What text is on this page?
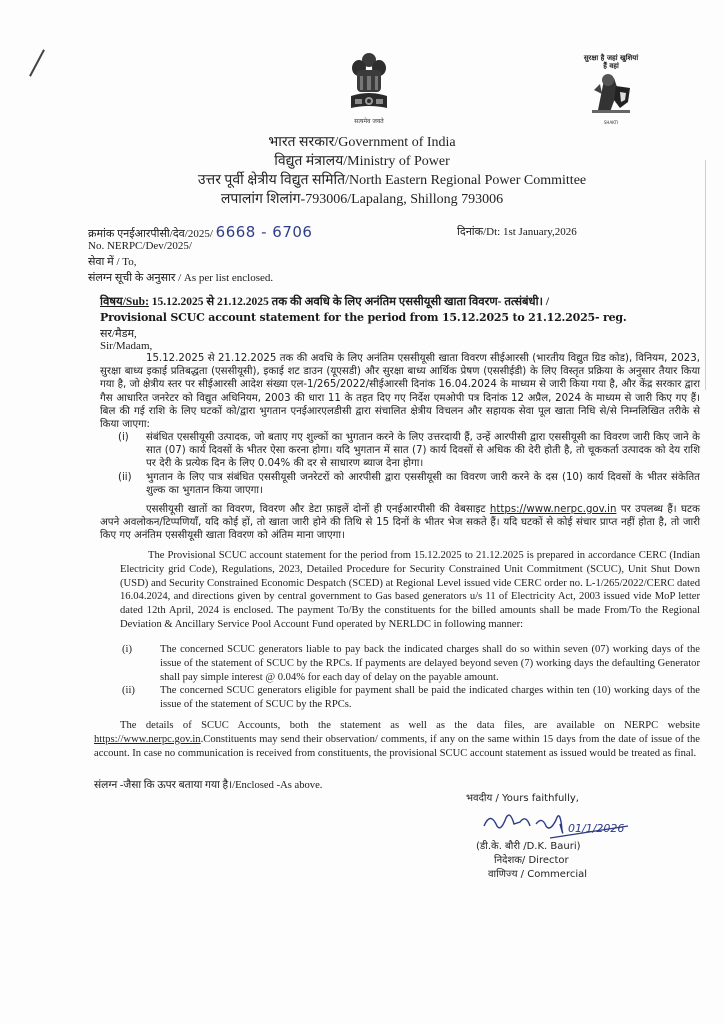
सत्यमेव जयते
सुरक्षा है जहां खुशियां हैं वहां
SHAKTI
भारत सरकार/Government of India
विद्युत मंत्रालय/Ministry of Power
उत्तर पूर्वी क्षेत्रीय विद्युत समिति/North Eastern Regional Power Committee
लपालांग शिलांग-793006/Lapalang, Shillong 793006
क्रमांक एनईआरपीसी/देव/2025/ 6668 - 6706
No. NERPC/Dev/2025/
दिनांक/Dt: 1st January,2026
सेवा में / To,
संलग्न सूची के अनुसार / As per list enclosed.
विषय/Sub: 15.12.2025 से 21.12.2025 तक की अवधि के लिए अनंतिम एससीयूसी खाता विवरण- तत्संबंधी। /
Provisional SCUC account statement for the period from 15.12.2025 to 21.12.2025- reg.
सर/मैडम,
Sir/Madam,

15.12.2025 से 21.12.2025 तक की अवधि के लिए अनंतिम एससीयूसी खाता विवरण सीईआरसी (भारतीय विद्युत ग्रिड कोड), विनियम, 2023, सुरक्षा बाध्य इकाई प्रतिबद्धता (एससीयूसी), इकाई शट डाउन (यूएसडी) और सुरक्षा बाध्य आर्थिक प्रेषण (एससीईडी) के लिए विस्तृत प्रक्रिया के अनुसार तैयार किया गया है, जो क्षेत्रीय स्तर पर सीईआरसी आदेश संख्या एल-1/265/2022/सीईआरसी दिनांक 16.04.2024 के माध्यम से जारी किया गया है, और केंद्र सरकार द्वारा गैस आधारित जनरेटर को विद्युत अधिनियम, 2003 की धारा 11 के तहत दिए गए निर्देश एमओपी पत्र दिनांक 12 अप्रैल, 2024 के माध्यम से जारी किए गए हैं। बिल की गई राशि के लिए घटकों को/द्वारा भुगतान एनईआरएलडीसी द्वारा संचालित क्षेत्रीय विचलन और सहायक सेवा पूल खाता निधि से/से निम्नलिखित तरीके से किया जाएगा:

(i) संबंधित एससीयूसी उत्पादक, जो बताए गए शुल्कों का भुगतान करने के लिए उत्तरदायी हैं, उन्हें आरपीसी द्वारा एससीयूसी का विवरण जारी किए जाने के सात (07) कार्य दिवसों के भीतर ऐसा करना होगा। यदि भुगतान में सात (7) कार्य दिवसों से अधिक की देरी होती है, तो चूककर्ता उत्पादक को देय राशि पर देरी के प्रत्येक दिन के लिए 0.04% की दर से साधारण ब्याज देना होगा।

(ii) भुगतान के लिए पात्र संबंधित एससीयूसी जनरेटरों को आरपीसी द्वारा एससीयूसी का विवरण जारी करने के दस (10) कार्य दिवसों के भीतर संकेतित शुल्क का भुगतान किया जाएगा।

एससीयूसी खातों का विवरण, विवरण और डेटा फ़ाइलें दोनों ही एनईआरपीसी की वेबसाइट https://www.nerpc.gov.in पर उपलब्ध हैं। घटक अपने अवलोकन/टिप्पणियाँ, यदि कोई हों, तो खाता जारी होने की तिथि से 15 दिनों के भीतर भेज सकते हैं। यदि घटकों से कोई संचार प्राप्त नहीं होता है, तो जारी किए गए अनंतिम एससीयूसी खाता विवरण को अंतिम माना जाएगा।

The Provisional SCUC account statement for the period from 15.12.2025 to 21.12.2025 is prepared in accordance CERC (Indian Electricity grid Code), Regulations, 2023, Detailed Procedure for Security Constrained Unit Commitment (SCUC), Unit Shut Down (USD) and Security Constrained Economic Despatch (SCED) at Regional Level issued vide CERC order no. L-1/265/2022/CERC dated 16.04.2024, and directions given by central government to Gas based generators u/s 11 of Electricity Act, 2003 issued vide MoP letter dated 12th April, 2024 is enclosed. The payment To/By the constituents for the billed amounts shall be made From/To the Regional Deviation & Ancillary Service Pool Account Fund operated by NERLDC in following manner:

(i)	The concerned SCUC generators liable to pay back the indicated charges shall do so within seven (07) working days of the issue of the statement of SCUC by the RPCs. If payments are delayed beyond seven (7) working days the defaulting Generator shall pay simple interest @ 0.04% for each day of delay on the payable amount.

(ii) The concerned SCUC generators eligible for payment shall be paid the indicated charges within ten (10) working days of the issue of the statement of SCUC by the RPCs.

The details of SCUC Accounts, both the statement as well as the data files, are available on NERPC website https://www.nerpc.gov.in.Constituents may send their observation/ comments, if any on the same within 15 days from the date of issue of the account. In case no communication is received from constituents, the provisional SCUC account statement as issued would be treated as final.

संलग्न -जैसा कि ऊपर बताया गया है।/Enclosed -As above.
भवदीय / Yours faithfully,
01/1/2026
(डी.के. बौरी /D.K. Bauri)
निदेशक/ Director
वाणिज्य / Commercial
